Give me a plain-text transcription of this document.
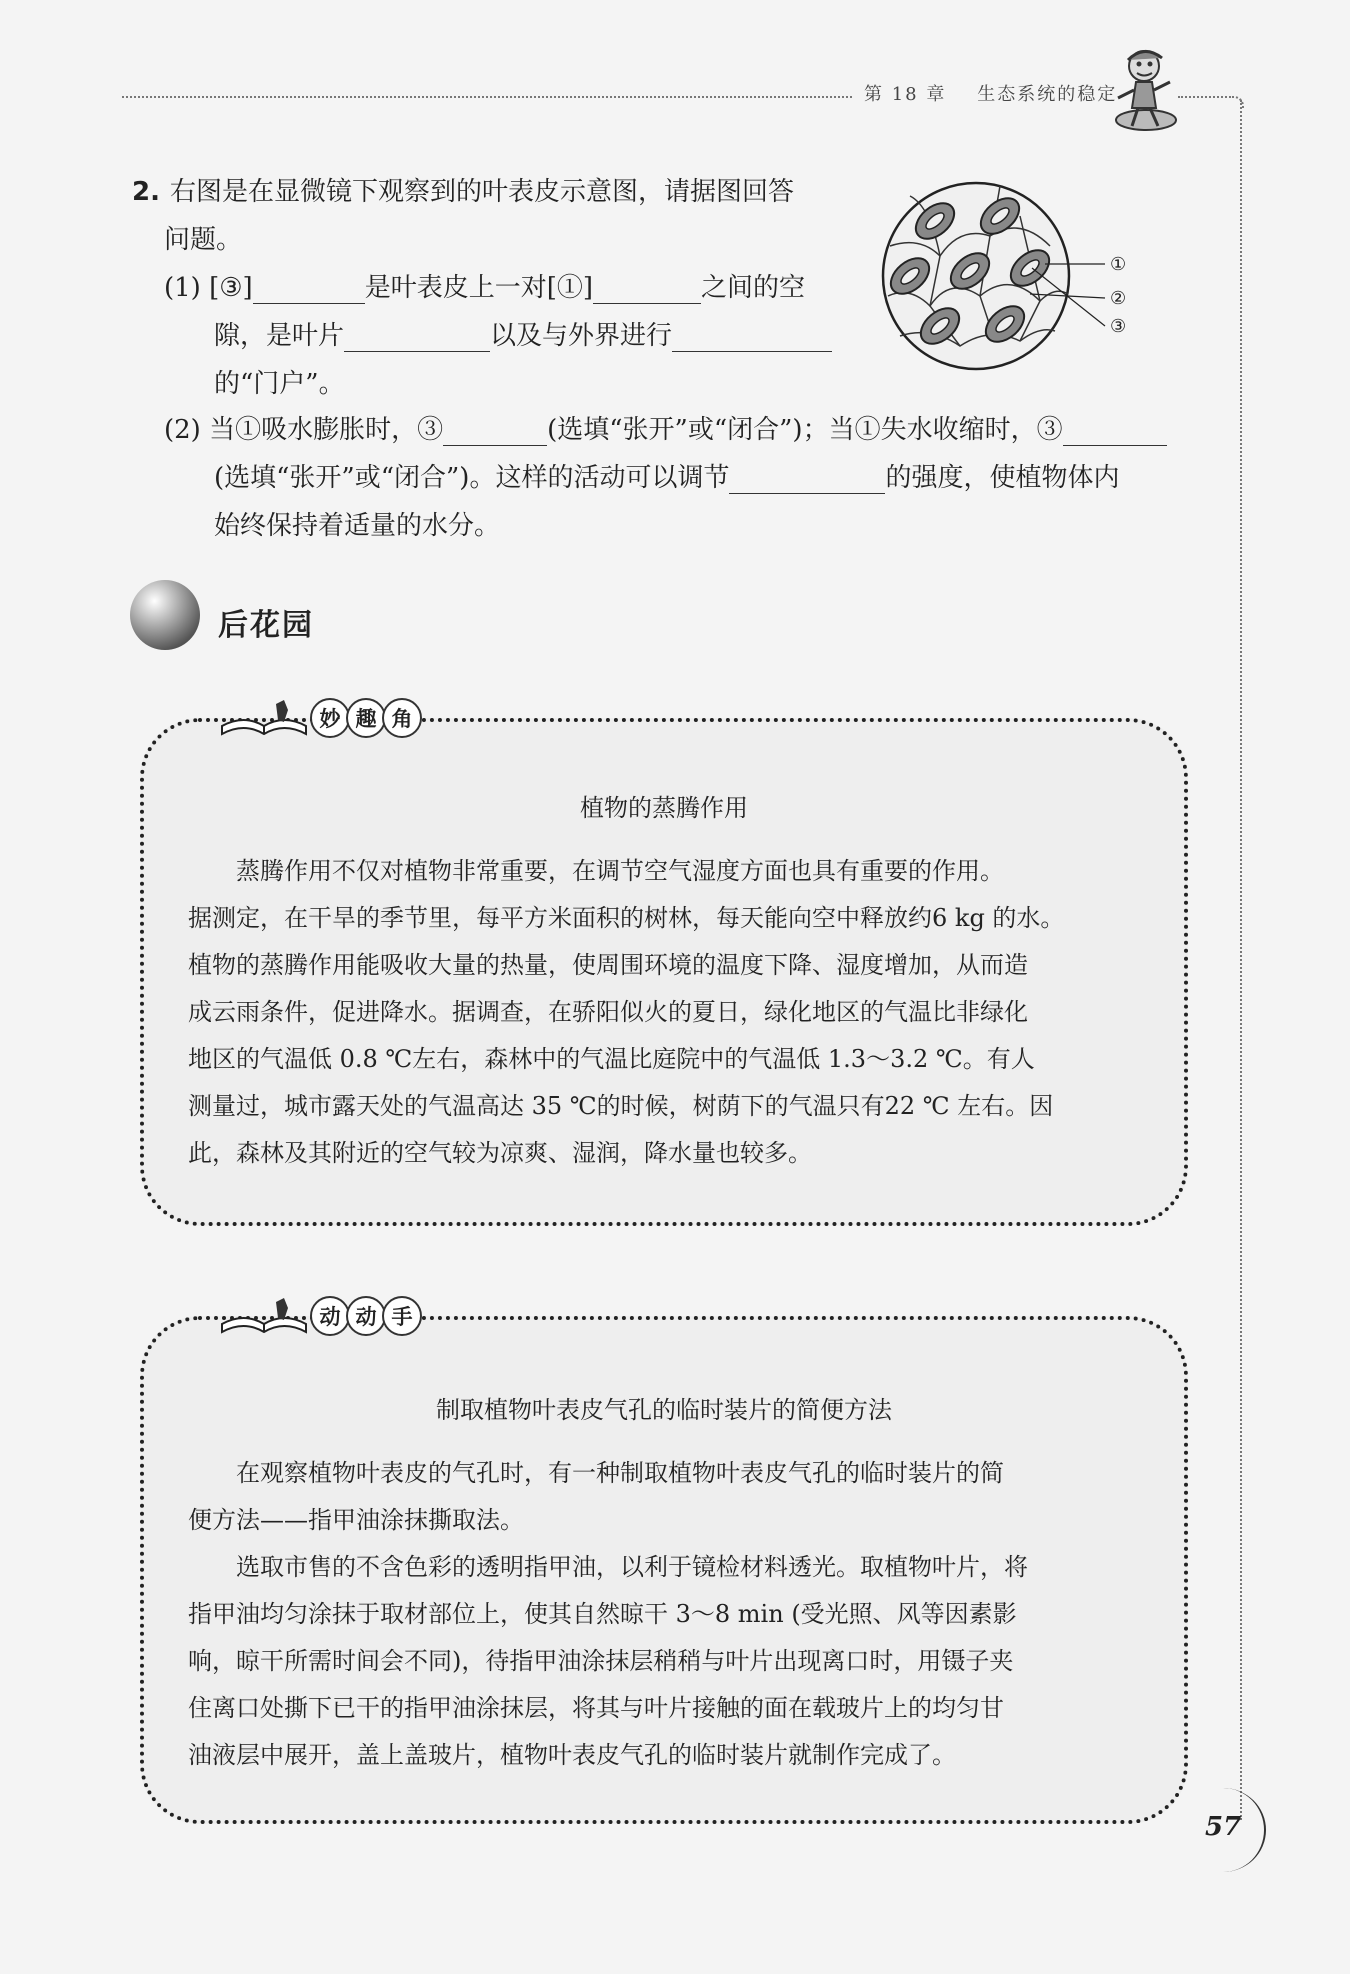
第 18 章 生态系统的稳定
2. 右图是在显微镜下观察到的叶表皮示意图，请据图回答
问题。
(1) [③]	是叶表皮上一对[①]	之间的空
隙，是叶片	以及与外界进行
的“门户”。
(2) 当①吸水膨胀时，③	(选填“张开”或“闭合”)；当①失水收缩时，③
(选填“张开”或“闭合”)。这样的活动可以调节	的强度，使植物体内
始终保持着适量的水分。
①
②
③
后花园
植物的蒸腾作用
蒸腾作用不仅对植物非常重要，在调节空气湿度方面也具有重要的作用。
据测定，在干旱的季节里，每平方米面积的树林，每天能向空中释放约6 kg 的水。
植物的蒸腾作用能吸收大量的热量，使周围环境的温度下降、湿度增加，从而造
成云雨条件，促进降水。据调查，在骄阳似火的夏日，绿化地区的气温比非绿化
地区的气温低 0.8 ℃左右，森林中的气温比庭院中的气温低 1.3～3.2 ℃。有人
测量过，城市露天处的气温高达 35 ℃的时候，树荫下的气温只有22 ℃ 左右。因
此，森林及其附近的空气较为凉爽、湿润，降水量也较多。
妙 趣 角
制取植物叶表皮气孔的临时装片的简便方法
在观察植物叶表皮的气孔时，有一种制取植物叶表皮气孔的临时装片的简
便方法——指甲油涂抹撕取法。
选取市售的不含色彩的透明指甲油，以利于镜检材料透光。取植物叶片，将
指甲油均匀涂抹于取材部位上，使其自然晾干 3～8 min (受光照、风等因素影
响，晾干所需时间会不同)，待指甲油涂抹层稍稍与叶片出现离口时，用镊子夹
住离口处撕下已干的指甲油涂抹层，将其与叶片接触的面在载玻片上的均匀甘
油液层中展开，盖上盖玻片，植物叶表皮气孔的临时装片就制作完成了。
动 动 手
57
